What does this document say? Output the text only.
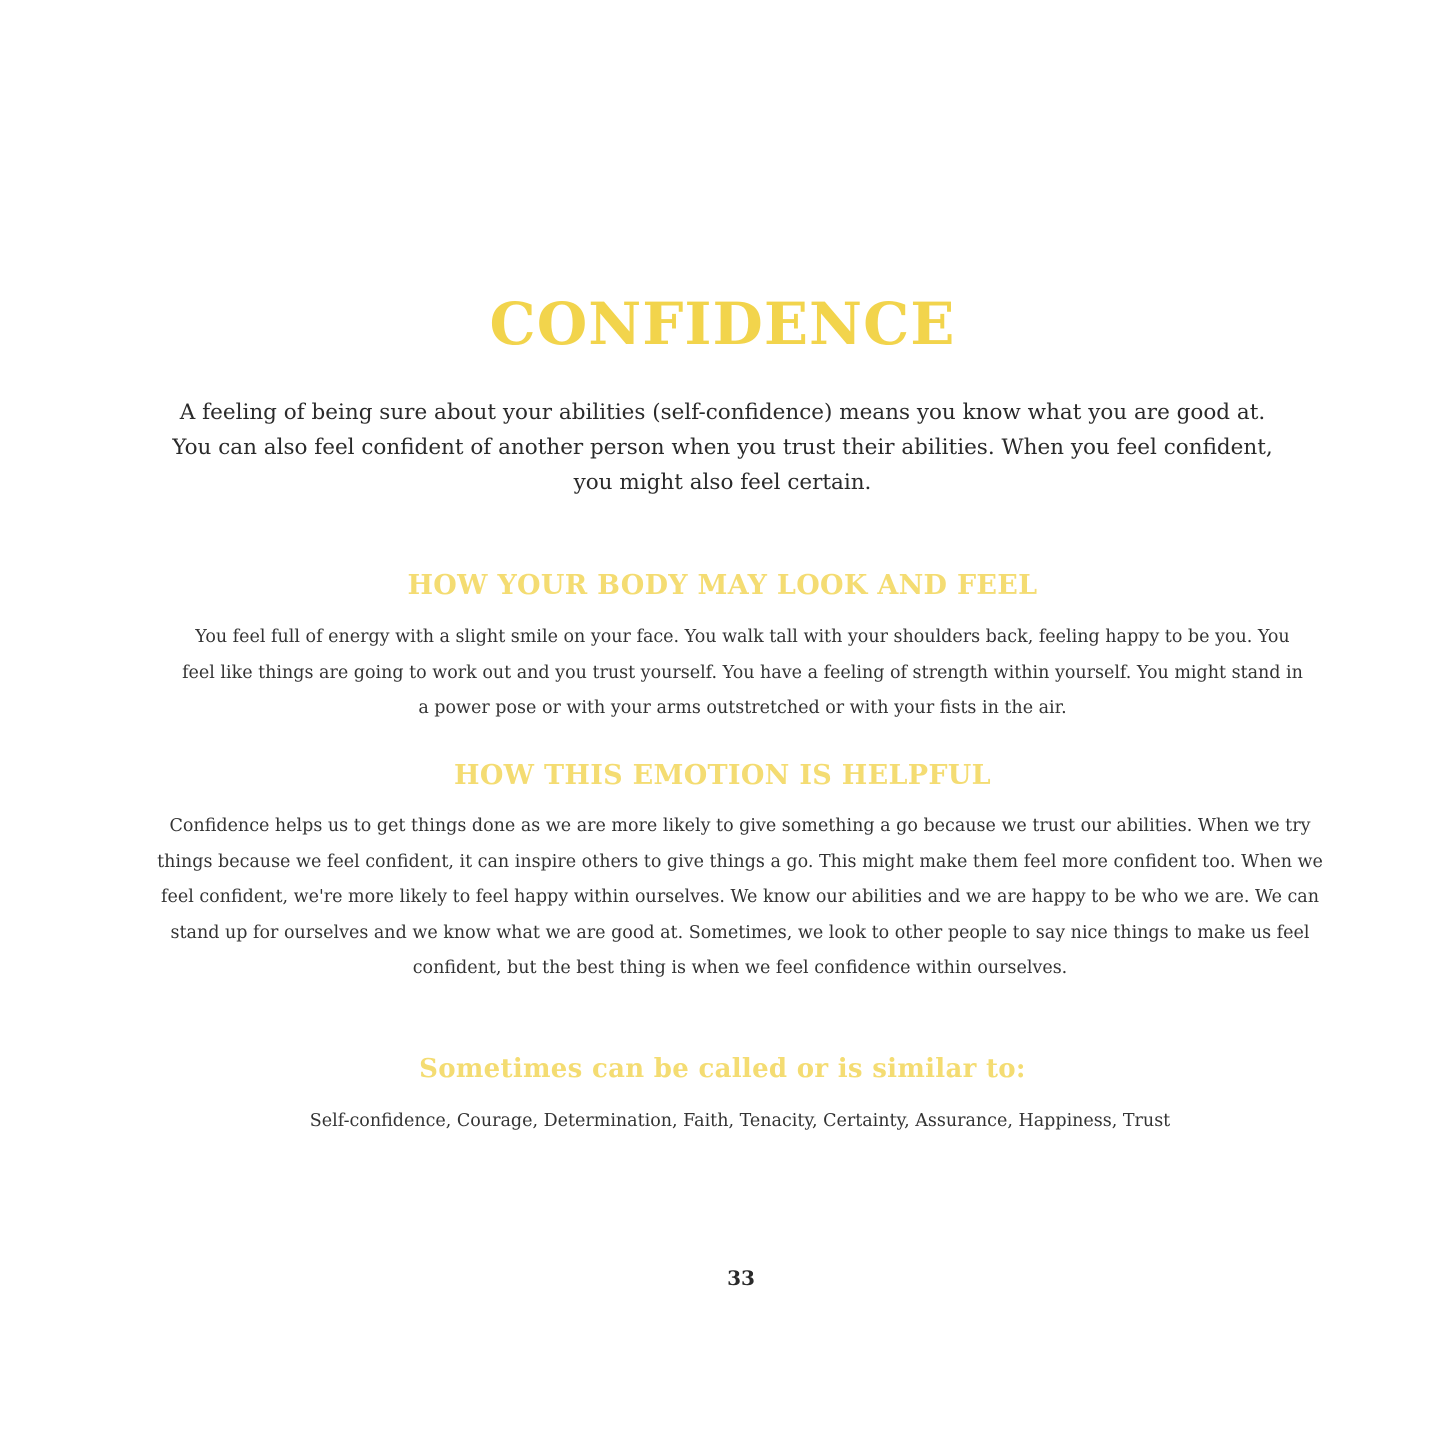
CONFIDENCE

A feeling of being sure about your abilities (self-confidence) means you know what you are good at. You can also feel confident of another person when you trust their abilities. When you feel confident, you might also feel certain.

HOW YOUR BODY MAY LOOK AND FEEL

You feel full of energy with a slight smile on your face. You walk tall with your shoulders back, feeling happy to be you. You feel like things are going to work out and you trust yourself. You have a feeling of strength within yourself. You might stand in a power pose or with your arms outstretched or with your fists in the air.

HOW THIS EMOTION IS HELPFUL

Confidence helps us to get things done as we are more likely to give something a go because we trust our abilities. When we try things because we feel confident, it can inspire others to give things a go. This might make them feel more confident too. When we feel confident, we're more likely to feel happy within ourselves. We know our abilities and we are happy to be who we are. We can stand up for ourselves and we know what we are good at. Sometimes, we look to other people to say nice things to make us feel confident, but the best thing is when we feel confidence within ourselves.

Sometimes can be called or is similar to:

Self-confidence, Courage, Determination, Faith, Tenacity, Certainty, Assurance, Happiness, Trust

33
